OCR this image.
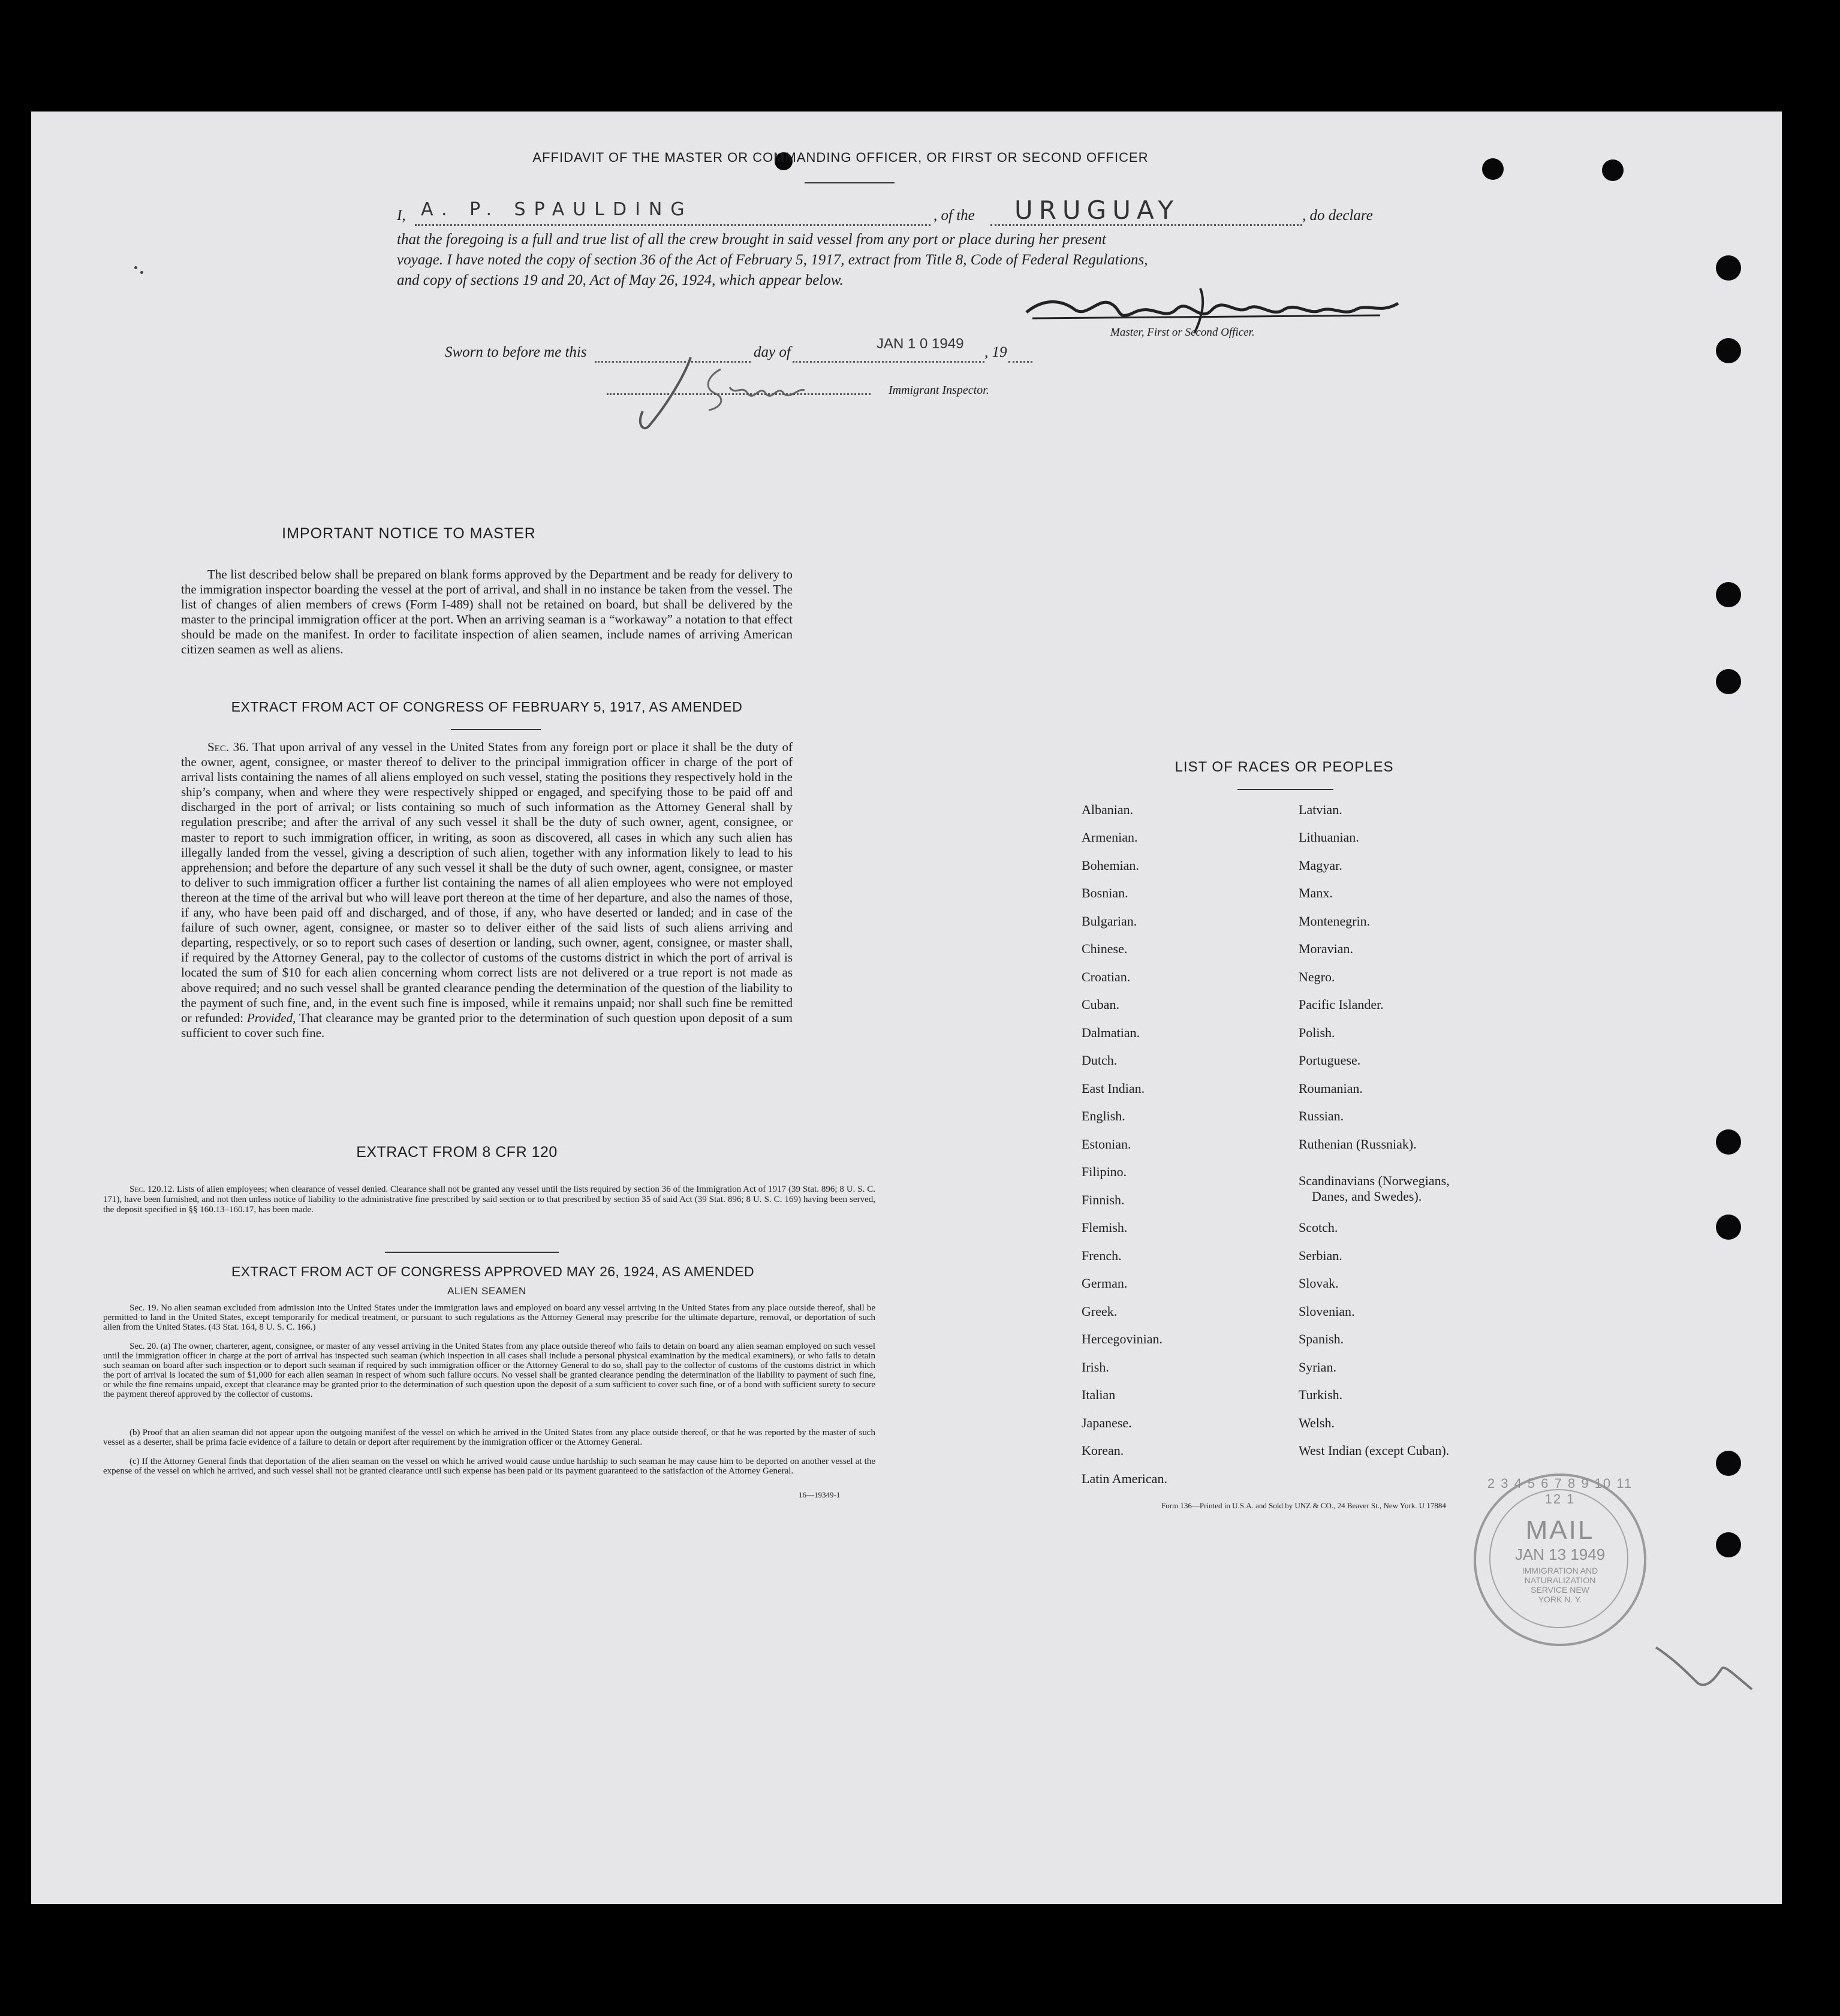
AFFIDAVIT OF THE MASTER OR COMMANDING OFFICER, OR FIRST OR SECOND OFFICER
I, A. P. SPAULDING	, of the URUGUAY	, do declare
that the foregoing is a full and true list of all the crew brought in said vessel from any port or place during her present
voyage. I have noted the copy of section 36 of the Act of February 5, 1917, extract from Title 8, Code of Federal Regulations,
and copy of sections 19 and 20, Act of May 26, 1924, which appear below.
Master, First or Second Officer.
Sworn to before me this	day of
JAN 1 0 1949
, 19
Immigrant Inspector.
IMPORTANT NOTICE TO MASTER
The list described below shall be prepared on blank forms approved by the Department and be ready for delivery to the immigration inspector boarding the vessel at the port of arrival, and shall in no instance be taken from the vessel. The list of changes of alien members of crews (Form I-489) shall not be retained on board, but shall be delivered by the master to the principal immigration officer at the port. When an arriving seaman is a “workaway” a notation to that effect should be made on the manifest. In order to facilitate inspection of alien seamen, include names of arriving American citizen seamen as well as aliens.
EXTRACT FROM ACT OF CONGRESS OF FEBRUARY 5, 1917, AS AMENDED
Sec. 36. That upon arrival of any vessel in the United States from any foreign port or place it shall be the duty of the owner, agent, consignee, or master thereof to deliver to the principal immigration officer in charge of the port of arrival lists containing the names of all aliens employed on such vessel, stating the positions they respectively hold in the ship’s company, when and where they were respectively shipped or engaged, and specifying those to be paid off and discharged in the port of arrival; or lists containing so much of such information as the Attorney General shall by regulation prescribe; and after the arrival of any such vessel it shall be the duty of such owner, agent, consignee, or master to report to such immigration officer, in writing, as soon as discovered, all cases in which any such alien has illegally landed from the vessel, giving a description of such alien, together with any information likely to lead to his apprehension; and before the departure of any such vessel it shall be the duty of such owner, agent, consignee, or master to deliver to such immigration officer a further list containing the names of all alien employees who were not employed thereon at the time of the arrival but who will leave port thereon at the time of her departure, and also the names of those, if any, who have been paid off and discharged, and of those, if any, who have deserted or landed; and in case of the failure of such owner, agent, consignee, or master so to deliver either of the said lists of such aliens arriving and departing, respectively, or so to report such cases of desertion or landing, such owner, agent, consignee, or master shall, if required by the Attorney General, pay to the collector of customs of the customs district in which the port of arrival is located the sum of $10 for each alien concerning whom correct lists are not delivered or a true report is not made as above required; and no such vessel shall be granted clearance pending the determination of the question of the liability to the payment of such fine, and, in the event such fine is imposed, while it remains unpaid; nor shall such fine be remitted or refunded: Provided, That clearance may be granted prior to the determination of such question upon deposit of a sum sufficient to cover such fine.
EXTRACT FROM 8 CFR 120
Sec. 120.12. Lists of alien employees; when clearance of vessel denied. Clearance shall not be granted any vessel until the lists required by section 36 of the Immigration Act of 1917 (39 Stat. 896; 8 U. S. C. 171), have been furnished, and not then unless notice of liability to the administrative fine prescribed by said section or to that prescribed by section 35 of said Act (39 Stat. 896; 8 U. S. C. 169) having been served, the deposit specified in §§ 160.13–160.17, has been made.
EXTRACT FROM ACT OF CONGRESS APPROVED MAY 26, 1924, AS AMENDED
ALIEN SEAMEN
Sec. 19. No alien seaman excluded from admission into the United States under the immigration laws and employed on board any vessel arriving in the United States from any place outside thereof, shall be permitted to land in the United States, except temporarily for medical treatment, or pursuant to such regulations as the Attorney General may prescribe for the ultimate departure, removal, or deportation of such alien from the United States. (43 Stat. 164, 8 U. S. C. 166.)
Sec. 20. (a) The owner, charterer, agent, consignee, or master of any vessel arriving in the United States from any place outside thereof who fails to detain on board any alien seaman employed on such vessel until the immigration officer in charge at the port of arrival has inspected such seaman (which inspection in all cases shall include a personal physical examination by the medical examiners), or who fails to detain such seaman on board after such inspection or to deport such seaman if required by such immigration officer or the Attorney General to do so, shall pay to the collector of customs of the customs district in which the port of arrival is located the sum of $1,000 for each alien seaman in respect of whom such failure occurs. No vessel shall be granted clearance pending the determination of the liability to payment of such fine, or while the fine remains unpaid, except that clearance may be granted prior to the determination of such question upon the deposit of a sum sufficient to cover such fine, or of a bond with sufficient surety to secure the payment thereof approved by the collector of customs.
(b) Proof that an alien seaman did not appear upon the outgoing manifest of the vessel on which he arrived in the United States from any place outside thereof, or that he was reported by the master of such vessel as a deserter, shall be prima facie evidence of a failure to detain or deport after requirement by the immigration officer or the Attorney General.
(c) If the Attorney General finds that deportation of the alien seaman on the vessel on which he arrived would cause undue hardship to such seaman he may cause him to be deported on another vessel at the expense of the vessel on which he arrived, and such vessel shall not be granted clearance until such expense has been paid or its payment guaranteed to the satisfaction of the Attorney General.
16—19349-1
LIST OF RACES OR PEOPLES
Albanian.
Armenian.
Bohemian.
Bosnian.
Bulgarian.
Chinese.
Croatian.
Cuban.
Dalmatian.
Dutch.
East Indian.
English.
Estonian.
Filipino.
Finnish.
Flemish.
French.
German.
Greek.
Hercegovinian.
Irish.
Italian
Japanese.
Korean.
Latin American.
Latvian.
Lithuanian.
Magyar.
Manx.
Montenegrin.
Moravian.
Negro.
Pacific Islander.
Polish.
Portuguese.
Roumanian.
Russian.
Ruthenian (Russniak).
Scandinavians (Norwegians,
Danes, and Swedes).
Scotch.
Serbian.
Slovak.
Slovenian.
Spanish.
Syrian.
Turkish.
Welsh.
West Indian (except Cuban).
Form 136—Printed in U.S.A. and Sold by UNZ & CO., 24 Beaver St., New York. U 17884
2 3 4 5 6 7 8 9 10 11 12 1
MAIL
JAN 13 1949
IMMIGRATION AND NATURALIZATION SERVICE NEW YORK N. Y.
